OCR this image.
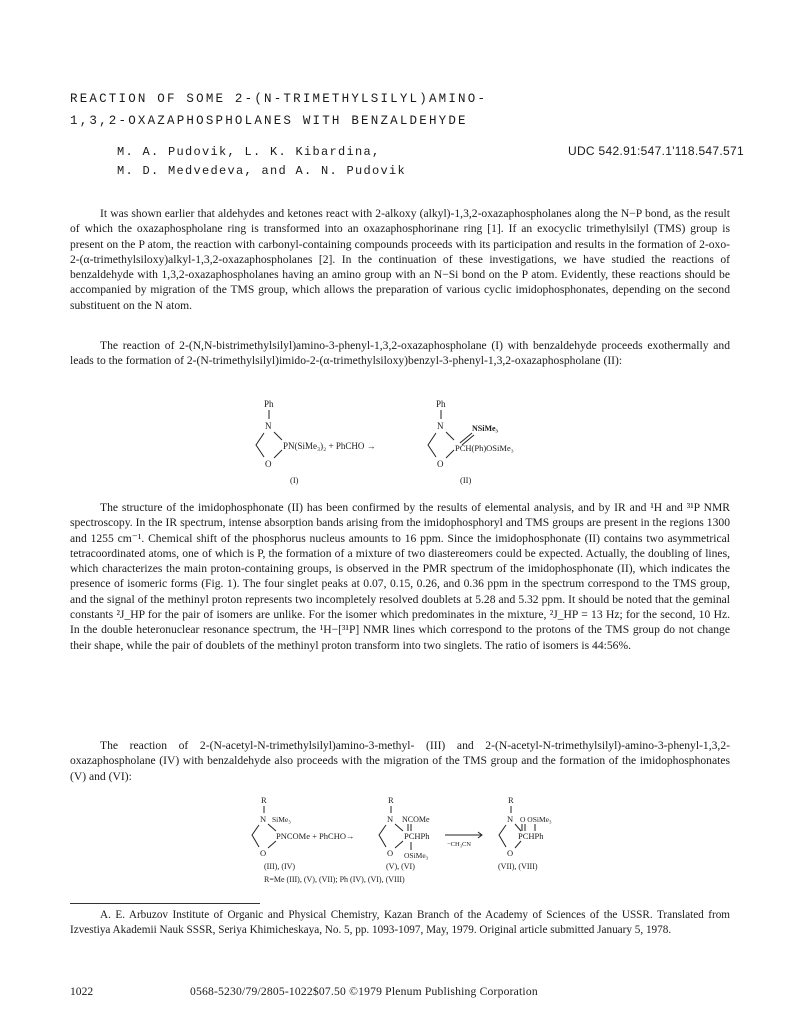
REACTION OF SOME 2-(N-TRIMETHYLSILYL)AMINO-
1,3,2-OXAZAPHOSPHOLANES WITH BENZALDEHYDE
M. A. Pudovik, L. K. Kibardina,
M. D. Medvedeva, and A. N. Pudovik
UDC 542.91:547.1'118.547.571

It was shown earlier that aldehydes and ketones react with 2-alkoxy (alkyl)-1,3,2-oxazaphospholanes along the N−P bond, as the result of which the oxazaphospholane ring is transformed into an oxazaphosphorinane ring [1]. If an exocyclic trimethylsilyl (TMS) group is present on the P atom, the reaction with carbonyl-containing compounds proceeds with its participation and results in the formation of 2-oxo-2-(α-trimethylsiloxy)alkyl-1,3,2-oxazaphospholanes [2]. In the continuation of these investigations, we have studied the reactions of benzaldehyde with 1,3,2-oxazaphospholanes having an amino group with an N−Si bond on the P atom. Evidently, these reactions should be accompanied by migration of the TMS group, which allows the preparation of various cyclic imidophosphonates, depending on the second substituent on the N atom.

The reaction of 2-(N,N-bistrimethylsilyl)amino-3-phenyl-1,3,2-oxazaphospholane (I) with benzaldehyde proceeds exothermally and leads to the formation of 2-(N-trimethylsilyl)imido-2-(α-trimethylsiloxy)benzyl-3-phenyl-1,3,2-oxazaphospholane (II):

Ph
N
O
PN(SiMe₃)₂ + PhCHO →
Ph
N	NSiMe₃
O
PCH(Ph)OSiMe₃
(I)	(II)

The structure of the imidophosphonate (II) has been confirmed by the results of elemental analysis, and by IR and ¹H and ³¹P NMR spectroscopy. In the IR spectrum, intense absorption bands arising from the imidophosphoryl and TMS groups are present in the regions 1300 and 1255 cm⁻¹. Chemical shift of the phosphorus nucleus amounts to 16 ppm. Since the imidophosphonate (II) contains two asymmetrical tetracoordinated atoms, one of which is P, the formation of a mixture of two diastereomers could be expected. Actually, the doubling of lines, which characterizes the main proton-containing groups, is observed in the PMR spectrum of the imidophosphonate (II), which indicates the presence of isomeric forms (Fig. 1). The four singlet peaks at 0.07, 0.15, 0.26, and 0.36 ppm in the spectrum correspond to the TMS group, and the signal of the methinyl proton represents two incompletely resolved doublets at 5.28 and 5.32 ppm. It should be noted that the geminal constants ²J_HP for the pair of isomers are unlike. For the isomer which predominates in the mixture, ²J_HP = 13 Hz; for the second, 10 Hz. In the double heteronuclear resonance spectrum, the ¹H−[³¹P] NMR lines which correspond to the protons of the TMS group do not change their shape, while the pair of doublets of the methinyl proton transform into two singlets. The ratio of isomers is 44:56%.

The reaction of 2-(N-acetyl-N-trimethylsilyl)amino-3-methyl- (III) and 2-(N-acetyl-N-trimethylsilyl)-amino-3-phenyl-1,3,2-oxazaphospholane (IV) with benzaldehyde also proceeds with the migration of the TMS group and the formation of the imidophosphonates (V) and (VI):

R
N SiMe₃
O
PNCOMe + PhCHO→
R
N NCOMe
O
PCHPh
OSiMe₃
−CH₃CN
R
N O OSiMe₃
O
PCHPh
(III), (IV)	(V), (VI)	(VII), (VIII)
R=Me (III), (V), (VII); Ph (IV), (VI), (VIII)

A. E. Arbuzov Institute of Organic and Physical Chemistry, Kazan Branch of the Academy of Sciences of the USSR. Translated from Izvestiya Akademii Nauk SSSR, Seriya Khimicheskaya, No. 5, pp. 1093-1097, May, 1979. Original article submitted January 5, 1978.

1022	0568-5230/79/2805-1022$07.50 ©1979 Plenum Publishing Corporation
